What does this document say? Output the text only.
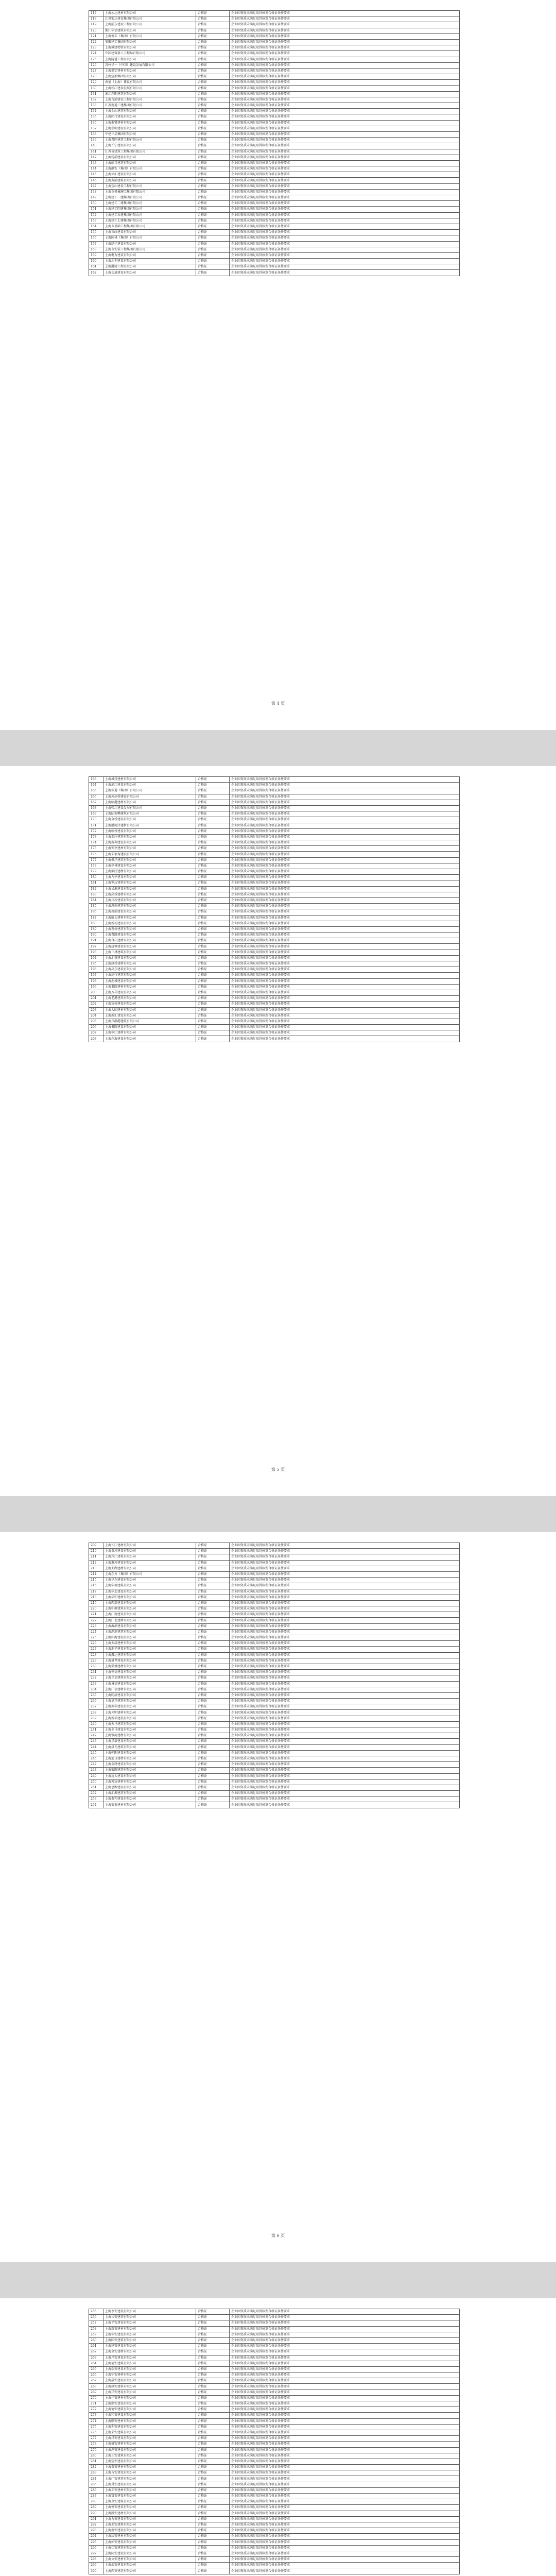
117	上海永达建材有限公司	合格证	企业因资质未满足取得核发合格证条件要求
118	江苏宏达建设集团有限公司	合格证	企业因资质未满足取得核发合格证条件要求
119	上海浦东建设工程有限公司	合格证	企业因资质未满足取得核发合格证条件要求
120	浙江华信建筑有限公司	合格证	企业因资质未满足取得核发合格证条件要求
121	上海恒丰（集团）有限公司	合格证	企业因资质未满足取得核发合格证条件要求
122	安徽建工集团有限公司	合格证	企业因资质未满足取得核发合格证条件要求
123	上海城建物资有限公司	合格证	企业因资质未满足取得核发合格证条件要求
124	中国建筑第八工程局有限公司	合格证	企业因资质未满足取得核发合格证条件要求
125	上海隧道工程有限公司	合格证	企业因资质未满足取得核发合格证条件要求
126	苏州华一（中国）建设发展有限公司	合格证	企业因资质未满足取得核发合格证条件要求
127	上海嘉定建材有限公司	合格证	企业因资质未满足取得核发合格证条件要求
128	上海宝冶集团有限公司	合格证	企业因资质未满足取得核发合格证条件要求
129	南通（上海）建设有限公司	合格证	企业因资质未满足取得核发合格证条件要求
130	上海松江建设发展有限公司	合格证	企业因资质未满足取得核发合格证条件要求
131	浙江东阳建筑有限公司	合格证	企业因资质未满足取得核发合格证条件要求
132	上海青浦建设工程有限公司	合格证	企业因资质未满足取得核发合格证条件要求
133	江苏南通三建集团有限公司	合格证	企业因资质未满足取得核发合格证条件要求
134	上海金山建筑有限公司	合格证	企业因资质未满足取得核发合格证条件要求
135	上海闵行建设有限公司	合格证	企业因资质未满足取得核发合格证条件要求
136	上海奉贤建材有限公司	合格证	企业因资质未满足取得核发合格证条件要求
137	上海崇明建设有限公司	合格证	企业因资质未满足取得核发合格证条件要求
138	中建三局集团有限公司	合格证	企业因资质未满足取得核发合格证条件要求
139	上海普陀建筑工程有限公司	合格证	企业因资质未满足取得核发合格证条件要求
140	上海长宁建设有限公司	合格证	企业因资质未满足取得核发合格证条件要求
141	江苏省建筑工程集团有限公司	合格证	企业因资质未满足取得核发合格证条件要求
142	上海杨浦建设有限公司	合格证	企业因资质未满足取得核发合格证条件要求
143	上海虹口建筑有限公司	合格证	企业因资质未满足取得核发合格证条件要求
144	上海静安（集团）有限公司	合格证	企业因资质未满足取得核发合格证条件要求
145	上海徐汇建设有限公司	合格证	企业因资质未满足取得核发合格证条件要求
146	上海黄浦建筑有限公司	合格证	企业因资质未满足取得核发合格证条件要求
147	上海宝山建设工程有限公司	合格证	企业因资质未满足取得核发合格证条件要求
148	上海市机械施工集团有限公司	合格证	企业因资质未满足取得核发合格证条件要求
149	上海建工一建集团有限公司	合格证	企业因资质未满足取得核发合格证条件要求
150	上海建工二建集团有限公司	合格证	企业因资质未满足取得核发合格证条件要求
151	上海建工四建集团有限公司	合格证	企业因资质未满足取得核发合格证条件要求
152	上海建工五建集团有限公司	合格证	企业因资质未满足取得核发合格证条件要求
153	上海建工七建集团有限公司	合格证	企业因资质未满足取得核发合格证条件要求
154	上海市基础工程集团有限公司	合格证	企业因资质未满足取得核发合格证条件要求
155	上海市政建设有限公司	合格证	企业因资质未满足取得核发合格证条件要求
156	上海园林（集团）有限公司	合格证	企业因资质未满足取得核发合格证条件要求
157	上海绿化建设有限公司	合格证	企业因资质未满足取得核发合格证条件要求
158	上海市安装工程集团有限公司	合格证	企业因资质未满足取得核发合格证条件要求
159	上海电力建设有限公司	合格证	企业因资质未满足取得核发合格证条件要求
160	上海水利建设有限公司	合格证	企业因资质未满足取得核发合格证条件要求
161	上海港湾工程有限公司	合格证	企业因资质未满足取得核发合格证条件要求
162	上海交通建设有限公司	合格证	企业因资质未满足取得核发合格证条件要求
第 4 页
163	上海城投建材有限公司	合格证	企业因资质未满足取得核发合格证条件要求
164	上海浦江建设有限公司	合格证	企业因资质未满足取得核发合格证条件要求
165	上海申通（集团）有限公司	合格证	企业因资质未满足取得核发合格证条件要求
166	上海外高桥建设有限公司	合格证	企业因资质未满足取得核发合格证条件要求
167	上海临港建材有限公司	合格证	企业因资质未满足取得核发合格证条件要求
168	上海张江建设发展有限公司	合格证	企业因资质未满足取得核发合格证条件要求
169	上海陆家嘴建筑有限公司	合格证	企业因资质未满足取得核发合格证条件要求
170	上海金桥建设有限公司	合格证	企业因资质未满足取得核发合格证条件要求
171	上海漕河泾建材有限公司	合格证	企业因资质未满足取得核发合格证条件要求
172	上海虹桥建设有限公司	合格证	企业因资质未满足取得核发合格证条件要求
173	上海莘庄建筑有限公司	合格证	企业因资质未满足取得核发合格证条件要求
174	上海南翔建设有限公司	合格证	企业因资质未满足取得核发合格证条件要求
175	上海安亭建材有限公司	合格证	企业因资质未满足取得核发合格证条件要求
176	上海朱家角建设有限公司	合格证	企业因资质未满足取得核发合格证条件要求
177	上海枫泾建筑有限公司	合格证	企业因资质未满足取得核发合格证条件要求
178	上海亭林建设有限公司	合格证	企业因资质未满足取得核发合格证条件要求
179	上海泗泾建材有限公司	合格证	企业因资质未满足取得核发合格证条件要求
180	上海九亭建设有限公司	合格证	企业因资质未满足取得核发合格证条件要求
181	上海罗店建筑有限公司	合格证	企业因资质未满足取得核发合格证条件要求
182	上海吴淞建设有限公司	合格证	企业因资质未满足取得核发合格证条件要求
183	上海高桥建材有限公司	合格证	企业因资质未满足取得核发合格证条件要求
184	上海川沙建设有限公司	合格证	企业因资质未满足取得核发合格证条件要求
185	上海惠南建筑有限公司	合格证	企业因资质未满足取得核发合格证条件要求
186	上海周浦建设有限公司	合格证	企业因资质未满足取得核发合格证条件要求
187	上海航头建材有限公司	合格证	企业因资质未满足取得核发合格证条件要求
188	上海新场建设有限公司	合格证	企业因资质未满足取得核发合格证条件要求
189	上海祝桥建筑有限公司	合格证	企业因资质未满足取得核发合格证条件要求
190	上海曹路建设有限公司	合格证	企业因资质未满足取得核发合格证条件要求
191	上海合庆建材有限公司	合格证	企业因资质未满足取得核发合格证条件要求
192	上海唐镇建设有限公司	合格证	企业因资质未满足取得核发合格证条件要求
193	上海三林建筑有限公司	合格证	企业因资质未满足取得核发合格证条件要求
194	上海北蔡建设有限公司	合格证	企业因资质未满足取得核发合格证条件要求
195	上海康桥建材有限公司	合格证	企业因资质未满足取得核发合格证条件要求
196	上海高东建设有限公司	合格证	企业因资质未满足取得核发合格证条件要求
197	上海高行建筑有限公司	合格证	企业因资质未满足取得核发合格证条件要求
198	上海泥城建设有限公司	合格证	企业因资质未满足取得核发合格证条件要求
199	上海书院建材有限公司	合格证	企业因资质未满足取得核发合格证条件要求
200	上海万祥建设有限公司	合格证	企业因资质未满足取得核发合格证条件要求
201	上海老港建筑有限公司	合格证	企业因资质未满足取得核发合格证条件要求
202	上海宣桥建设有限公司	合格证	企业因资质未满足取得核发合格证条件要求
203	上海大团建材有限公司	合格证	企业因资质未满足取得核发合格证条件要求
204	上海南汇建设有限公司	合格证	企业因资质未满足取得核发合格证条件要求
205	上海芦潮港建筑有限公司	合格证	企业因资质未满足取得核发合格证条件要求
206	上海书院建设有限公司	合格证	企业因资质未满足取得核发合格证条件要求
207	上海申江建材有限公司	合格证	企业因资质未满足取得核发合格证条件要求
208	上海东海建设有限公司	合格证	企业因资质未满足取得核发合格证条件要求
第 5 页
209	上海长江建材有限公司	合格证	企业因资质未满足取得核发合格证条件要求
210	上海黄河建设有限公司	合格证	企业因资质未满足取得核发合格证条件要求
211	上海珠江建筑有限公司	合格证	企业因资质未满足取得核发合格证条件要求
212	上海淮河建设有限公司	合格证	企业因资质未满足取得核发合格证条件要求
213	上海太湖建材有限公司	合格证	企业因资质未满足取得核发合格证条件要求
214	上海东方（集团）有限公司	合格证	企业因资质未满足取得核发合格证条件要求
215	上海华东建设有限公司	合格证	企业因资质未满足取得核发合格证条件要求
216	上海华南建筑有限公司	合格证	企业因资质未满足取得核发合格证条件要求
217	上海华北建设有限公司	合格证	企业因资质未满足取得核发合格证条件要求
218	上海华中建材有限公司	合格证	企业因资质未满足取得核发合格证条件要求
219	上海西部建设有限公司	合格证	企业因资质未满足取得核发合格证条件要求
220	上海中原建筑有限公司	合格证	企业因资质未满足取得核发合格证条件要求
221	上海江南建设有限公司	合格证	企业因资质未满足取得核发合格证条件要求
222	上海江北建材有限公司	合格证	企业因资质未满足取得核发合格证条件要求
223	上海海滨建设有限公司	合格证	企业因资质未满足取得核发合格证条件要求
224	上海湖滨建筑有限公司	合格证	企业因资质未满足取得核发合格证条件要求
225	上海山海建设有限公司	合格证	企业因资质未满足取得核发合格证条件要求
226	上海天成建材有限公司	合格证	企业因资质未满足取得核发合格证条件要求
227	上海地平建设有限公司	合格证	企业因资质未满足取得核发合格证条件要求
228	上海鑫达建筑有限公司	合格证	企业因资质未满足取得核发合格证条件要求
229	上海盛世建设有限公司	合格证	企业因资质未满足取得核发合格证条件要求
230	上海鼎盛建材有限公司	合格证	企业因资质未满足取得核发合格证条件要求
231	上海恒信建设有限公司	合格证	企业因资质未满足取得核发合格证条件要求
232	上海立信建筑有限公司	合格证	企业因资质未满足取得核发合格证条件要求
233	上海诚信建设有限公司	合格证	企业因资质未满足取得核发合格证条件要求
234	上海广信建材有限公司	合格证	企业因资质未满足取得核发合格证条件要求
235	上海同济建设有限公司	合格证	企业因资质未满足取得核发合格证条件要求
236	上海复兴建筑有限公司	合格证	企业因资质未满足取得核发合格证条件要求
237	上海振华建设有限公司	合格证	企业因资质未满足取得核发合格证条件要求
238	上海光明建材有限公司	合格证	企业因资质未满足取得核发合格证条件要求
239	上海新华建设有限公司	合格证	企业因资质未满足取得核发合格证条件要求
240	上海天马建筑有限公司	合格证	企业因资质未满足取得核发合格证条件要求
241	上海金马建设有限公司	合格证	企业因资质未满足取得核发合格证条件要求
242	上海银河建材有限公司	合格证	企业因资质未满足取得核发合格证条件要求
243	上海星辰建设有限公司	合格证	企业因资质未满足取得核发合格证条件要求
244	上海晨光建筑有限公司	合格证	企业因资质未满足取得核发合格证条件要求
245	上海朝阳建设有限公司	合格证	企业因资质未满足取得核发合格证条件要求
246	上海旭日建材有限公司	合格证	企业因资质未满足取得核发合格证条件要求
247	上海金辉建设有限公司	合格证	企业因资质未满足取得核发合格证条件要求
248	上海宏图建筑有限公司	合格证	企业因资质未满足取得核发合格证条件要求
249	上海远大建设有限公司	合格证	企业因资质未满足取得核发合格证条件要求
250	上海博远建材有限公司	合格证	企业因资质未满足取得核发合格证条件要求
251	上海思源建设有限公司	合格证	企业因资质未满足取得核发合格证条件要求
252	上海汇源建筑有限公司	合格证	企业因资质未满足取得核发合格证条件要求
253	上海泰和建设有限公司	合格证	企业因资质未满足取得核发合格证条件要求
254	上海安泰建材有限公司	合格证	企业因资质未满足取得核发合格证条件要求
第 6 页
255	上海永安建设有限公司	合格证	企业因资质未满足取得核发合格证条件要求
256	上海长安建筑有限公司	合格证	企业因资质未满足取得核发合格证条件要求
257	上海平安建设有限公司	合格证	企业因资质未满足取得核发合格证条件要求
258	上海新安建材有限公司	合格证	企业因资质未满足取得核发合格证条件要求
259	上海华安建设有限公司	合格证	企业因资质未满足取得核发合格证条件要求
260	上海国安建筑有限公司	合格证	企业因资质未满足取得核发合格证条件要求
261	上海建安建设有限公司	合格证	企业因资质未满足取得核发合格证条件要求
262	上海金安建材有限公司	合格证	企业因资质未满足取得核发合格证条件要求
263	上海兴安建设有限公司	合格证	企业因资质未满足取得核发合格证条件要求
264	上海福安建筑有限公司	合格证	企业因资质未满足取得核发合格证条件要求
265	上海瑞安建设有限公司	合格证	企业因资质未满足取得核发合格证条件要求
266	上海宁安建材有限公司	合格证	企业因资质未满足取得核发合格证条件要求
267	上海嘉安建设有限公司	合格证	企业因资质未满足取得核发合格证条件要求
268	上海康安建筑有限公司	合格证	企业因资质未满足取得核发合格证条件要求
269	上海祥安建设有限公司	合格证	企业因资质未满足取得核发合格证条件要求
270	上海佳安建材有限公司	合格证	企业因资质未满足取得核发合格证条件要求
271	上海润安建设有限公司	合格证	企业因资质未满足取得核发合格证条件要求
272	上海德安建筑有限公司	合格证	企业因资质未满足取得核发合格证条件要求
273	上海和安建设有限公司	合格证	企业因资质未满足取得核发合格证条件要求
274	上海顺安建材有限公司	合格证	企业因资质未满足取得核发合格证条件要求
275	上海利安建设有限公司	合格证	企业因资质未满足取得核发合格证条件要求
276	上海荣安建筑有限公司	合格证	企业因资质未满足取得核发合格证条件要求
277	上海昌安建设有限公司	合格证	企业因资质未满足取得核发合格证条件要求
278	上海盛安建材有限公司	合格证	企业因资质未满足取得核发合格证条件要求
279	上海鸿安建设有限公司	合格证	企业因资质未满足取得核发合格证条件要求
280	上海正安建筑有限公司	合格证	企业因资质未满足取得核发合格证条件要求
281	上海宝安建设有限公司	合格证	企业因资质未满足取得核发合格证条件要求
282	上海泰安建材有限公司	合格证	企业因资质未满足取得核发合格证条件要求
283	上海吉安建设有限公司	合格证	企业因资质未满足取得核发合格证条件要求
284	上海广安建筑有限公司	合格证	企业因资质未满足取得核发合格证条件要求
285	上海昆安建设有限公司	合格证	企业因资质未满足取得核发合格证条件要求
286	上海丰安建材有限公司	合格证	企业因资质未满足取得核发合格证条件要求
287	上海富安建设有限公司	合格证	企业因资质未满足取得核发合格证条件要求
288	上海贵安建筑有限公司	合格证	企业因资质未满足取得核发合格证条件要求
289	上海恒安建设有限公司	合格证	企业因资质未满足取得核发合格证条件要求
290	上海凯安建材有限公司	合格证	企业因资质未满足取得核发合格证条件要求
291	上海力安建设有限公司	合格证	企业因资质未满足取得核发合格证条件要求
292	上海美安建筑有限公司	合格证	企业因资质未满足取得核发合格证条件要求
293	上海南安建设有限公司	合格证	企业因资质未满足取得核发合格证条件要求
294	上海庆安建材有限公司	合格证	企业因资质未满足取得核发合格证条件要求
295	上海如安建设有限公司	合格证	企业因资质未满足取得核发合格证条件要求
296	上海仁安建筑有限公司	合格证	企业因资质未满足取得核发合格证条件要求
297	上海同安建设有限公司	合格证	企业因资质未满足取得核发合格证条件要求
298	上海文安建材有限公司	合格证	企业因资质未满足取得核发合格证条件要求
299	上海武安建设有限公司	合格证	企业因资质未满足取得核发合格证条件要求
300	上海西安建筑有限公司	合格证	企业因资质未满足取得核发合格证条件要求
